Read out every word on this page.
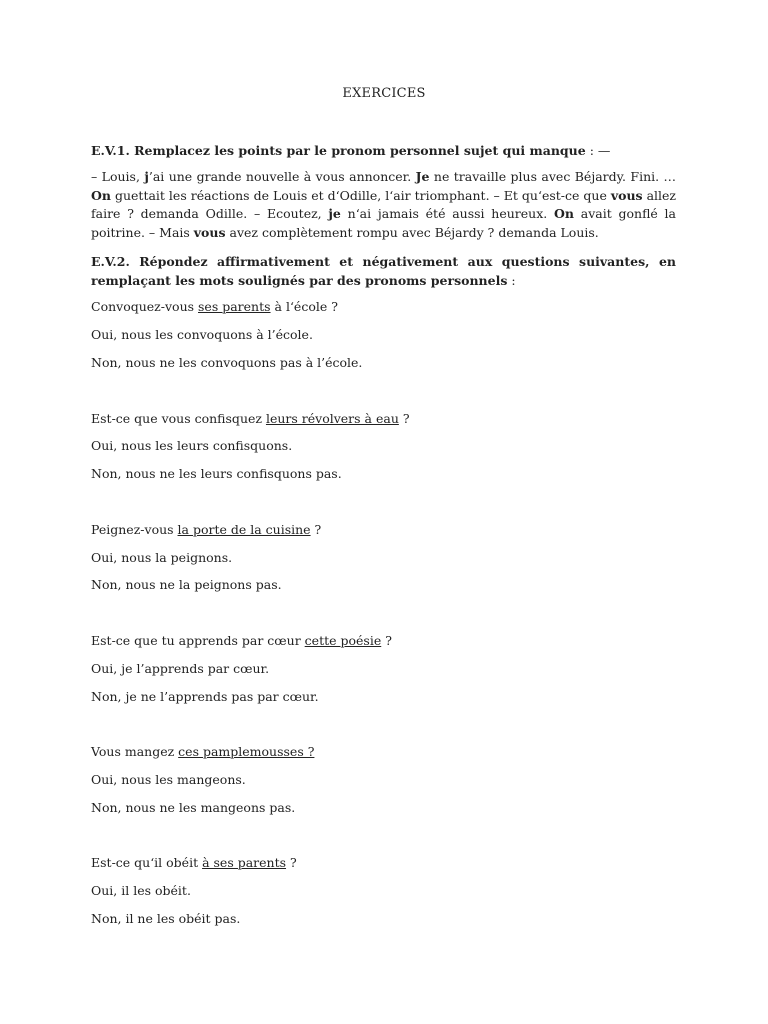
EXERCICES
E.V.1. Remplacez les points par le pronom personnel sujet qui manque : —
– Louis, j’ai une grande nouvelle à vous annoncer. Je ne travaille plus avec Béjardy. Fini. …On guettait les réactions de Louis et d‘Odille, l‘air triomphant. – Et qu‘est-ce que vous allez faire ? demanda Odille. – Ecoutez, je n‘ai jamais été aussi heureux. On avait gonflé la poitrine. – Mais vous avez complètement rompu avec Béjardy ? demanda Louis.
E.V.2. Répondez affirmativement et négativement aux questions suivantes, en remplaçant les mots soulignés par des pronoms personnels :
Convoquez-vous ses parents à l‘école ?
Oui, nous les convoquons à l’école.
Non, nous ne les convoquons pas à l’école.
Est-ce que vous confisquez leurs révolvers à eau ?
Oui, nous les leurs confisquons.
Non, nous ne les leurs confisquons pas.
Peignez-vous la porte de la cuisine ?
Oui, nous la peignons.
Non, nous ne la peignons pas.
Est-ce que tu apprends par cœur cette poésie ?
Oui, je l’apprends par cœur.
Non, je ne l’apprends pas par cœur.
Vous mangez ces pamplemousses ?
Oui, nous les mangeons.
Non, nous ne les mangeons pas.
Est-ce qu‘il obéit à ses parents ?
Oui, il les obéit.
Non, il ne les obéit pas.
